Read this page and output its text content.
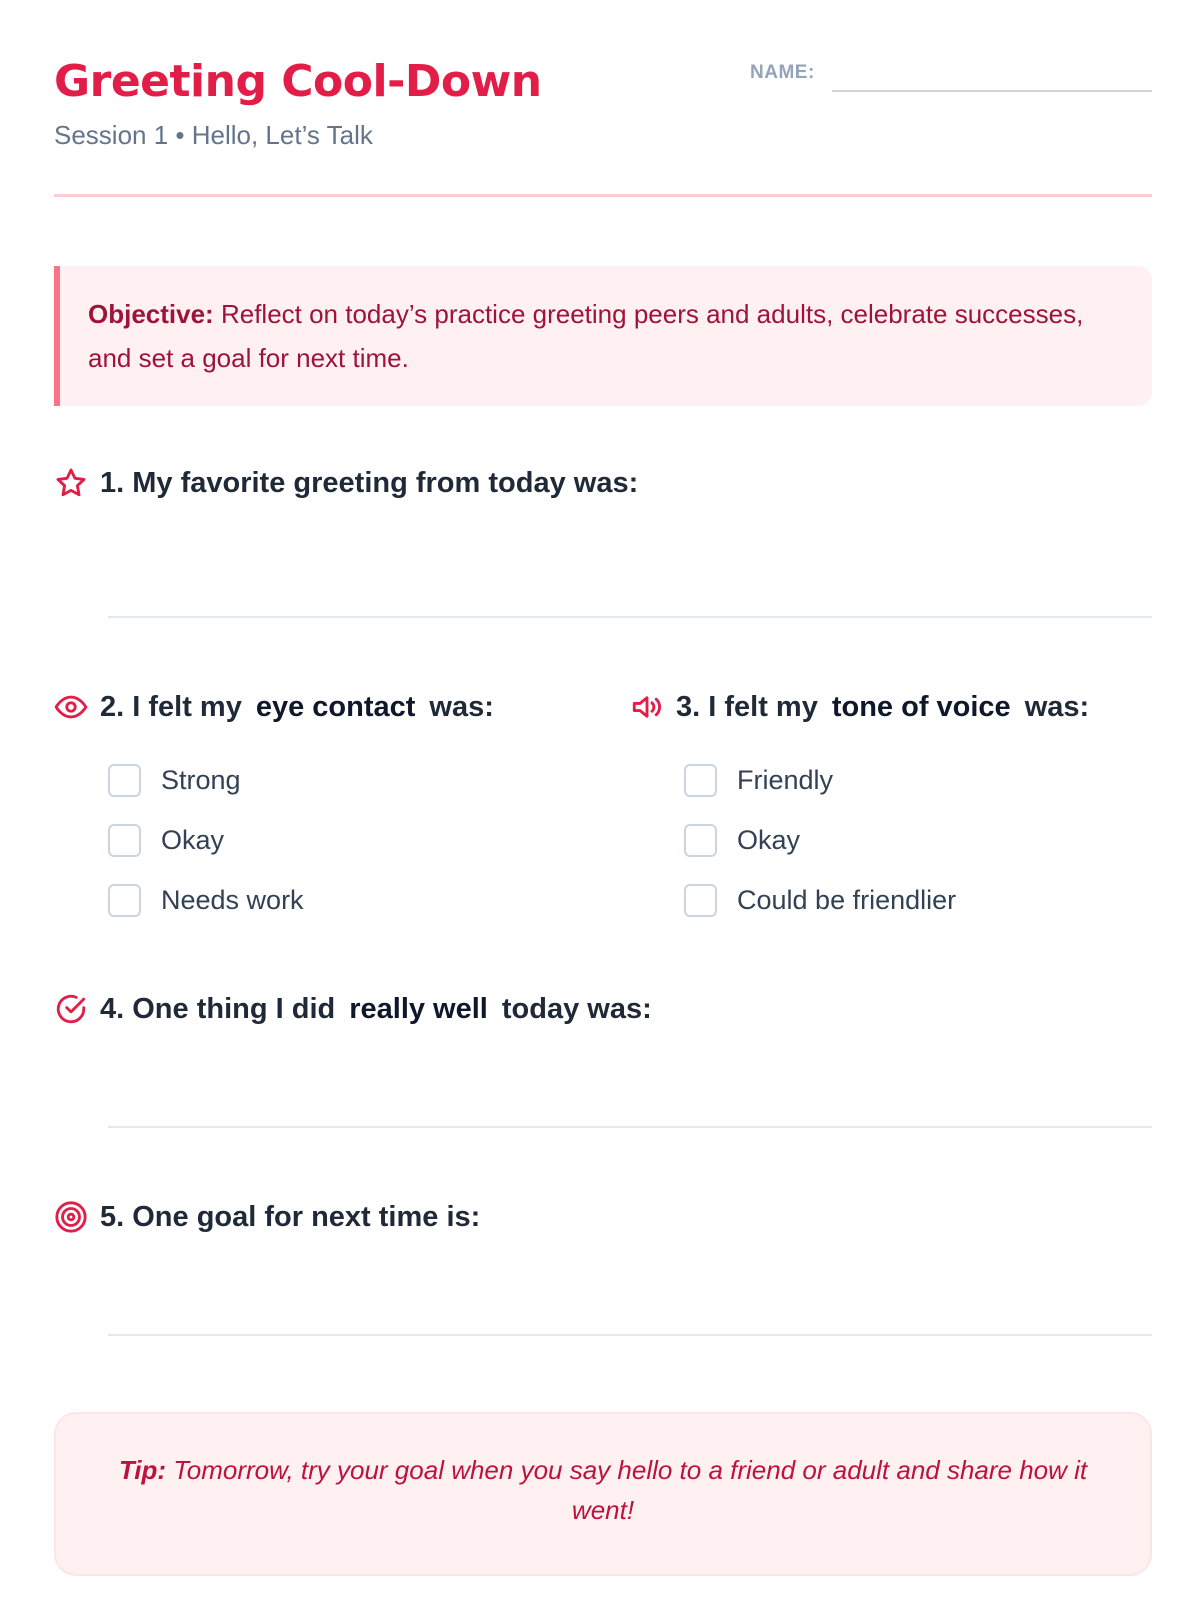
Greeting Cool-Down
Session 1 • Hello, Let’s Talk
NAME:
Objective: Reflect on today’s practice greeting peers and adults, celebrate successes, and set a goal for next time.
1. My favorite greeting from today was:
2. I felt my eye contact was:
Strong
Okay
Needs work
3. I felt my tone of voice was:
Friendly
Okay
Could be friendlier
4. One thing I did really well today was:
5. One goal for next time is:
Tip: Tomorrow, try your goal when you say hello to a friend or adult and share how it went!
